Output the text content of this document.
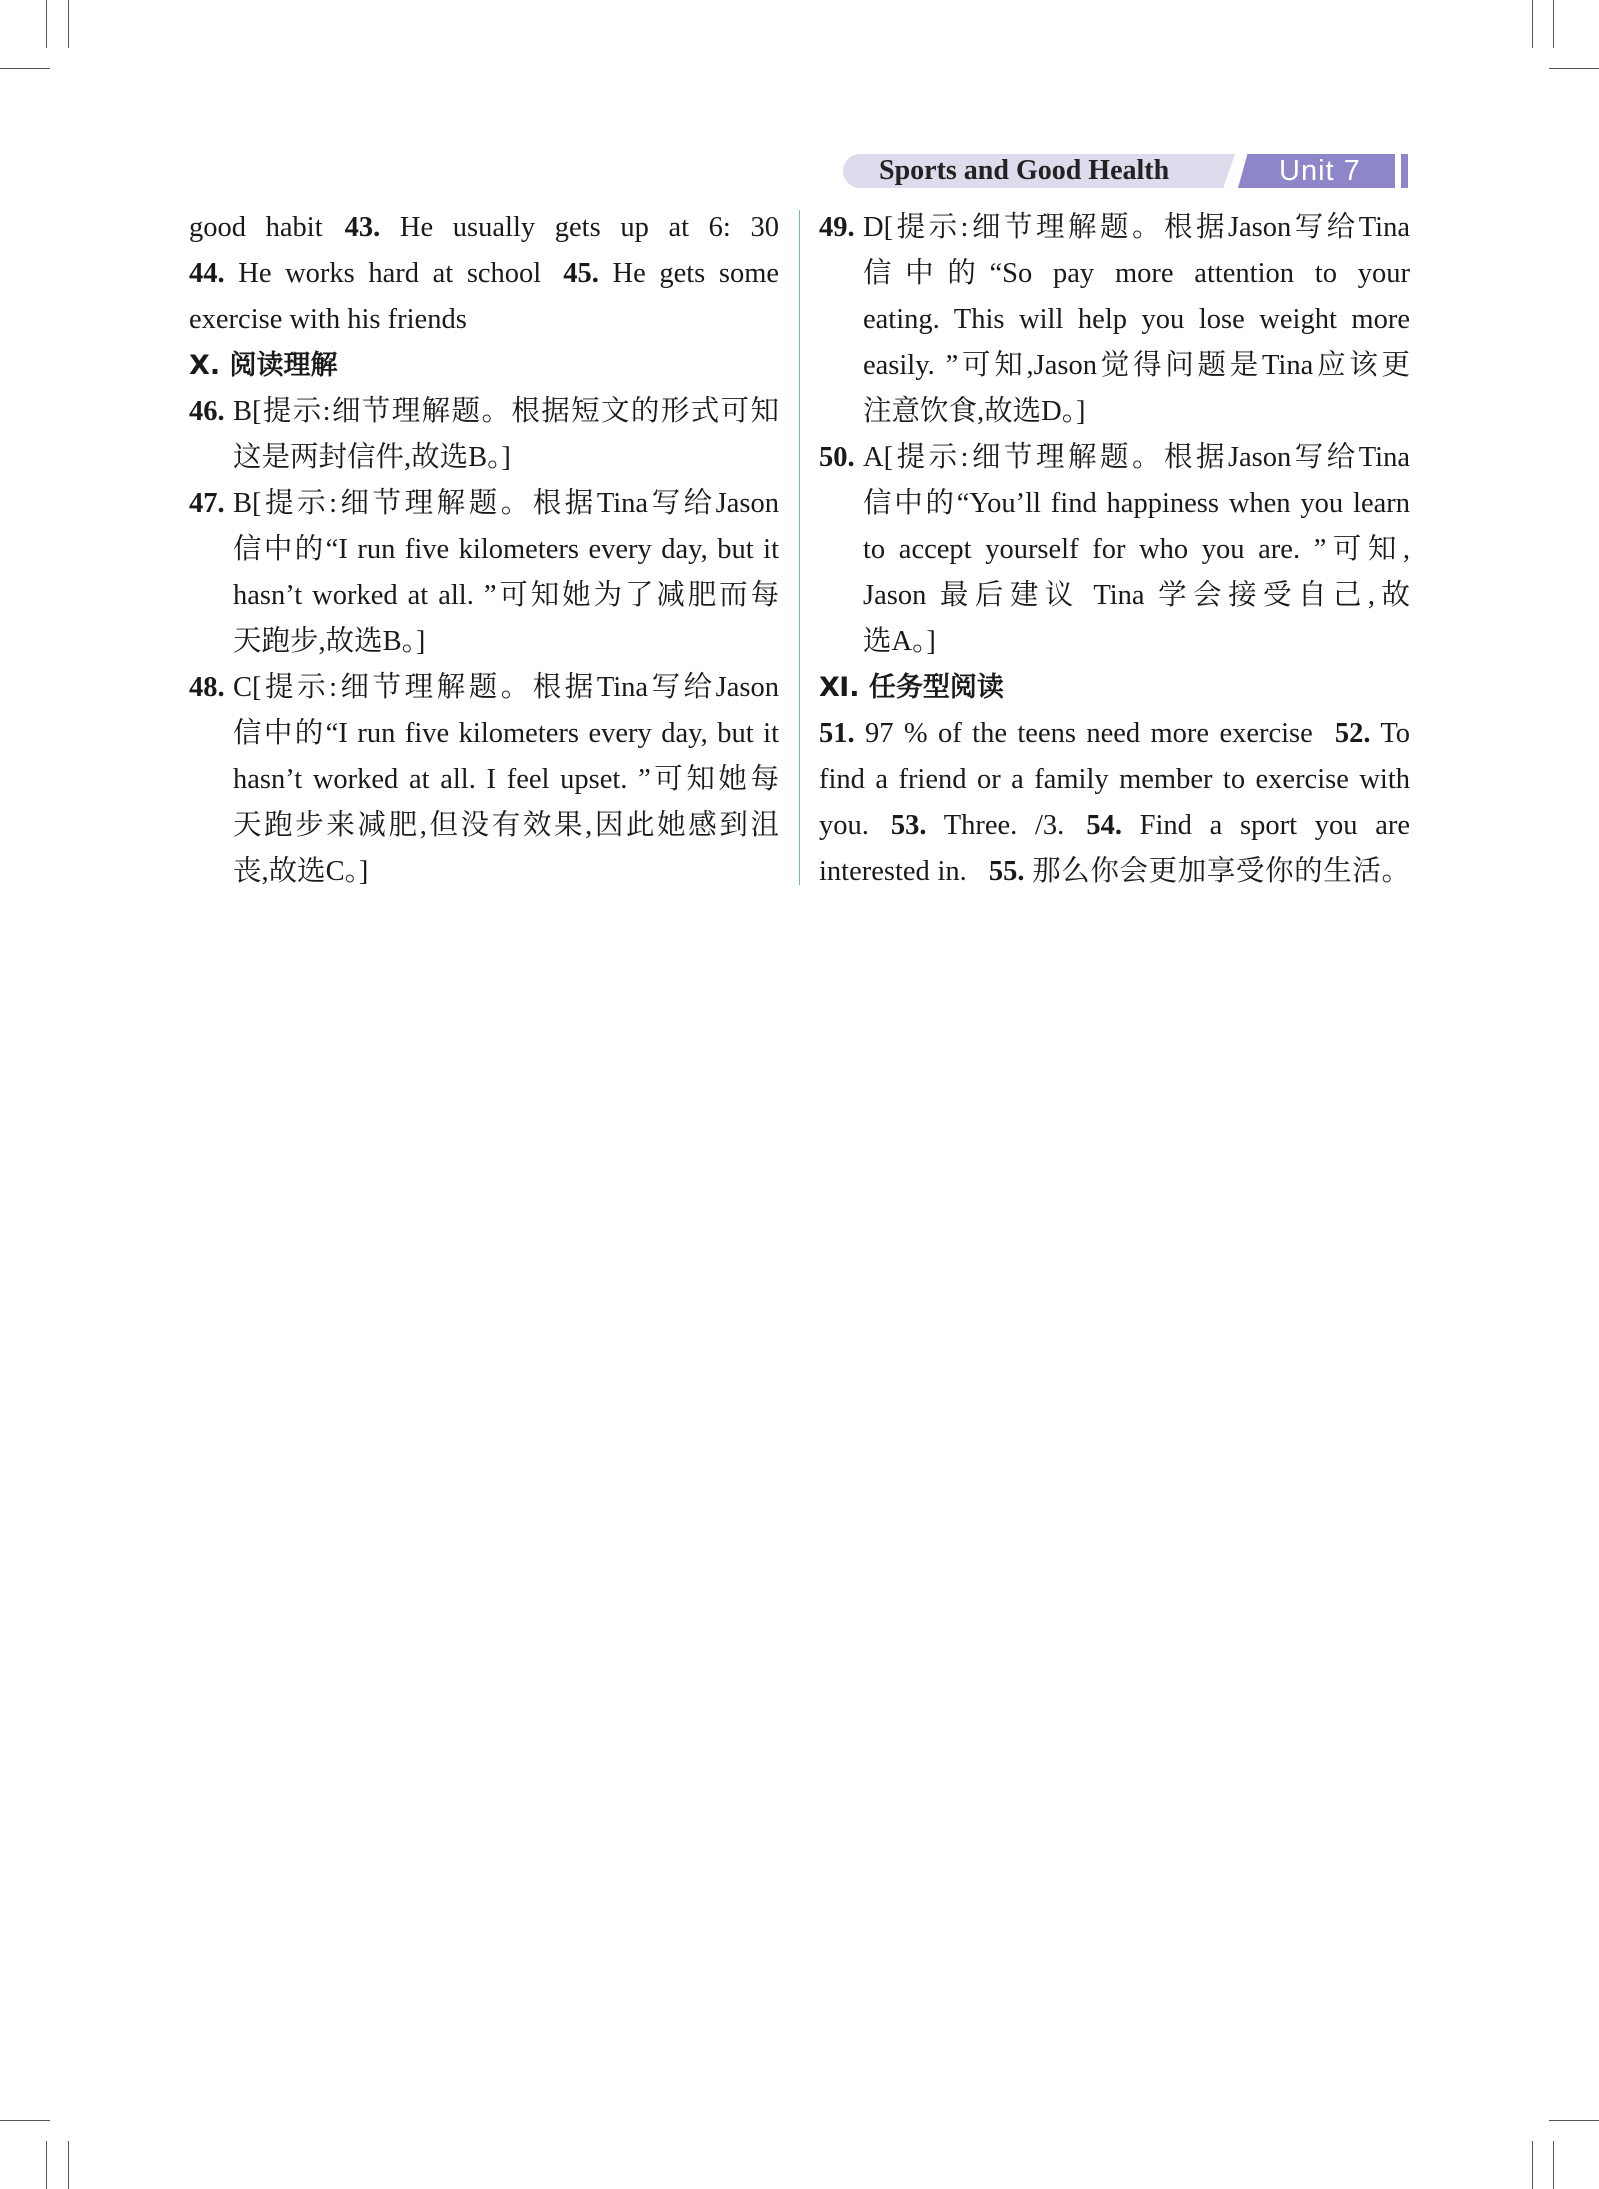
Sports and Good Health	Unit 7

good habit 43. He usually gets up at 6: 30

44. He works hard at school 45. He gets some

exercise with his friends

Ⅹ. 阅读理解

46. B[提示:细节理解题。根据短文的形式可知
这是两封信件,故选B。]
47. B[提示:细节理解题。根据Tina写给Jason
信中的“I run five kilometers every day, but it
hasn’t worked at all. ”可知她为了减肥而每
天跑步,故选B。]
48. C[提示:细节理解题。根据Tina写给Jason
信中的“I run five kilometers every day, but it
hasn’t worked at all. I feel upset. ”可知她每
天跑步来减肥,但没有效果,因此她感到沮
丧,故选C。]
49. D[提示:细节理解题。根据Jason写给Tina
信中的“So pay more attention to your
eating. This will help you lose weight more
easily. ”可知,Jason觉得问题是Tina应该更
注意饮食,故选D。]
50. A[提示:细节理解题。根据Jason写给Tina
信中的“You’ll find happiness when you learn
to accept yourself for who you are. ”可知,
Jason 最后建议 Tina 学会接受自己,故
选A。]

Ⅺ. 任务型阅读

51. 97 % of the teens need more exercise 52. To

find a friend or a family member to exercise with

you. 53. Three. /3. 54. Find a sport you are

interested in. 55. 那么你会更加享受你的生活。
